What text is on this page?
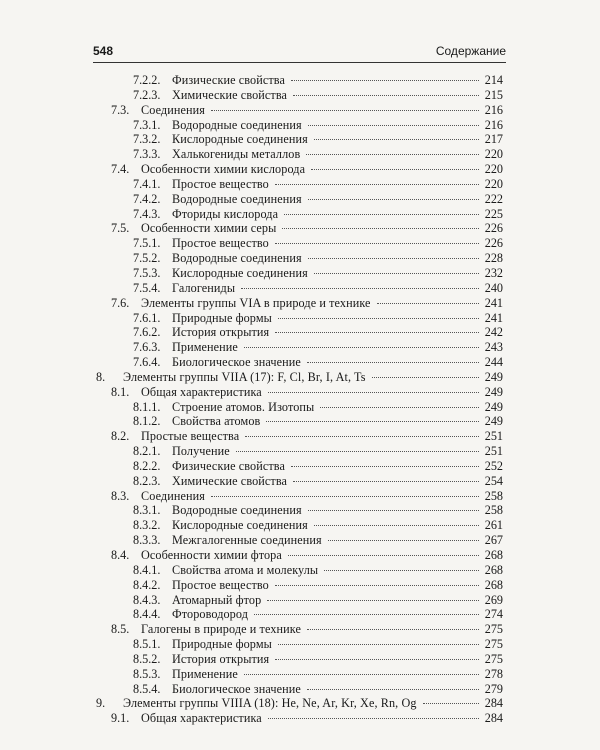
548	Содержание
7.2.2. Физические свойства	214
7.2.3. Химические свойства	215
7.3. Соединения	216
7.3.1. Водородные соединения	216
7.3.2. Кислородные соединения	217
7.3.3. Халькогениды металлов	220
7.4. Особенности химии кислорода	220
7.4.1. Простое вещество	220
7.4.2. Водородные соединения	222
7.4.3. Фториды кислорода	225
7.5. Особенности химии серы	226
7.5.1. Простое вещество	226
7.5.2. Водородные соединения	228
7.5.3. Кислородные соединения	232
7.5.4. Галогениды	240
7.6. Элементы группы VIA в природе и технике	241
7.6.1. Природные формы	241
7.6.2. История открытия	242
7.6.3. Применение	243
7.6.4. Биологическое значение	244
8.	Элементы группы VIIA (17): F, Cl, Br, I, At, Ts	249
8.1. Общая характеристика	249
8.1.1. Строение атомов. Изотопы	249
8.1.2. Свойства атомов	249
8.2. Простые вещества	251
8.2.1. Получение	251
8.2.2. Физические свойства	252
8.2.3. Химические свойства	254
8.3. Соединения	258
8.3.1. Водородные соединения	258
8.3.2. Кислородные соединения	261
8.3.3. Межгалогенные соединения	267
8.4. Особенности химии фтора	268
8.4.1. Свойства атома и молекулы	268
8.4.2. Простое вещество	268
8.4.3. Атомарный фтор	269
8.4.4. Фтороводород	274
8.5. Галогены в природе и технике	275
8.5.1. Природные формы	275
8.5.2. История открытия	275
8.5.3. Применение	278
8.5.4. Биологическое значение	279
9.	Элементы группы VIIIA (18): He, Ne, Ar, Kr, Xe, Rn, Og	284
9.1. Общая характеристика	284
